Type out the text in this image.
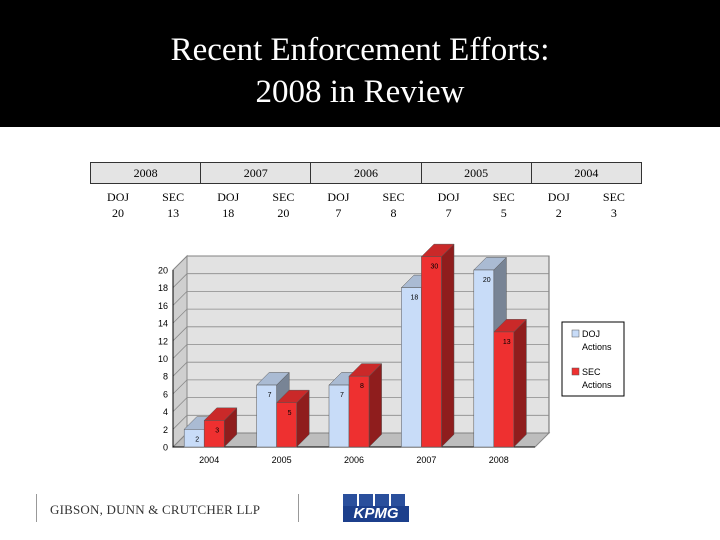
Recent Enforcement Efforts:
2008 in Review
2008		2007		2006		2005		2004	
DOJ	SEC	DOJ	SEC	DOJ	SEC	DOJ	SEC	DOJ	SEC
20	13	18	20	7	8	7	5	2	3
0
2
4
6
8
10
12
14
16
18
20
2004
2
3
2005
7
5
2006
7
8
2007
18
30
2008
20
13
DOJ
Actions
SEC
Actions
GIBSON, DUNN & CRUTCHER LLP	KPMG
